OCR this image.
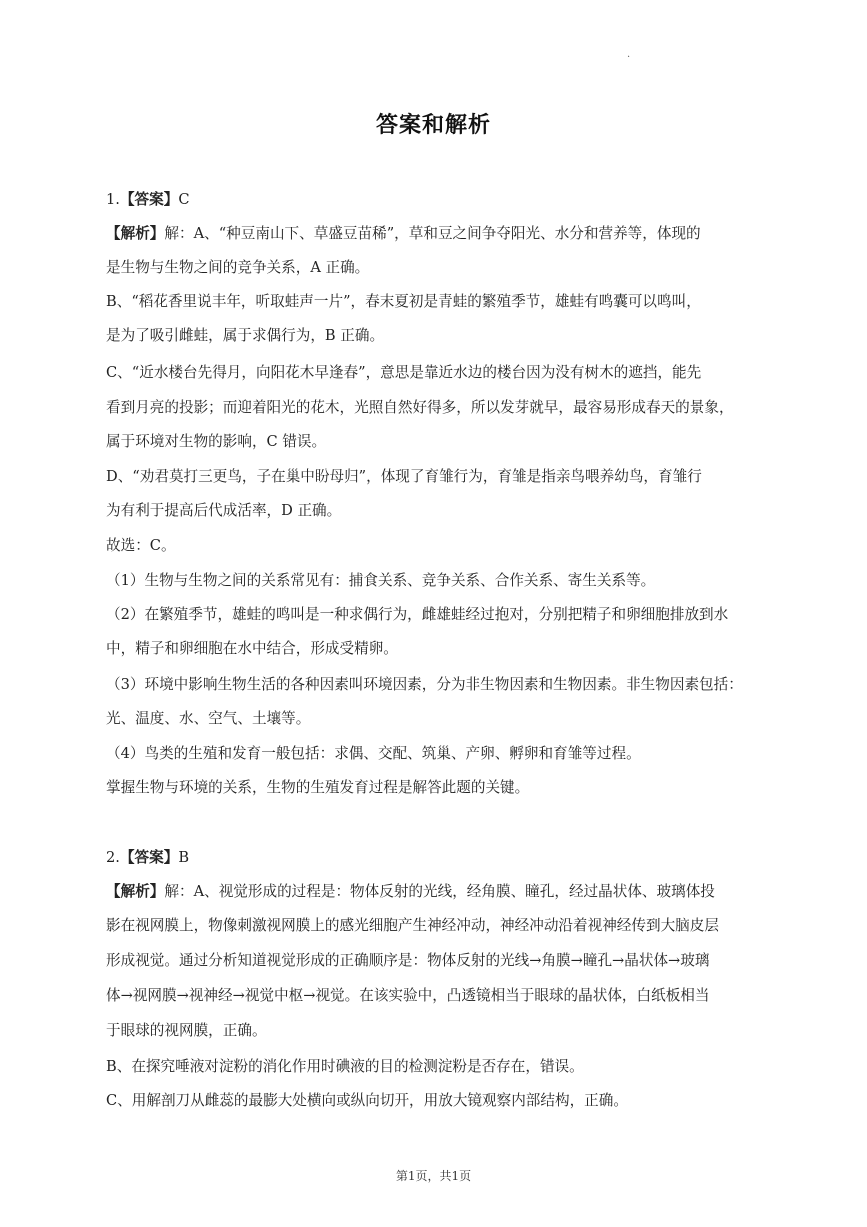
·
答案和解析
1.【答案】C
【解析】解：A、“种豆南山下、草盛豆苗稀”，草和豆之间争夺阳光、水分和营养等，体现的
是生物与生物之间的竞争关系，A 正确。
B、“稻花香里说丰年，听取蛙声一片”，春末夏初是青蛙的繁殖季节，雄蛙有鸣囊可以鸣叫，
是为了吸引雌蛙，属于求偶行为，B 正确。
C、“近水楼台先得月，向阳花木早逢春”，意思是靠近水边的楼台因为没有树木的遮挡，能先
看到月亮的投影；而迎着阳光的花木，光照自然好得多，所以发芽就早，最容易形成春天的景象，
属于环境对生物的影响，C 错误。
D、“劝君莫打三更鸟，子在巢中盼母归”，体现了育雏行为，育雏是指亲鸟喂养幼鸟，育雏行
为有利于提高后代成活率，D 正确。
故选：C。
（1）生物与生物之间的关系常见有：捕食关系、竞争关系、合作关系、寄生关系等。
（2）在繁殖季节，雄蛙的鸣叫是一种求偶行为，雌雄蛙经过抱对，分别把精子和卵细胞排放到水
中，精子和卵细胞在水中结合，形成受精卵。
（3）环境中影响生物生活的各种因素叫环境因素，分为非生物因素和生物因素。非生物因素包括：
光、温度、水、空气、土壤等。
（4）鸟类的生殖和发育一般包括：求偶、交配、筑巢、产卵、孵卵和育雏等过程。
掌握生物与环境的关系，生物的生殖发育过程是解答此题的关键。
2.【答案】B
【解析】解：A、视觉形成的过程是：物体反射的光线，经角膜、瞳孔，经过晶状体、玻璃体投
影在视网膜上，物像刺激视网膜上的感光细胞产生神经冲动，神经冲动沿着视神经传到大脑皮层
形成视觉。通过分析知道视觉形成的正确顺序是：物体反射的光线→角膜→瞳孔→晶状体→玻璃
体→视网膜→视神经→视觉中枢→视觉。在该实验中，凸透镜相当于眼球的晶状体，白纸板相当
于眼球的视网膜，正确。
B、在探究唾液对淀粉的消化作用时碘液的目的检测淀粉是否存在，错误。
C、用解剖刀从雌蕊的最膨大处横向或纵向切开，用放大镜观察内部结构，正确。
第1页，共1页
